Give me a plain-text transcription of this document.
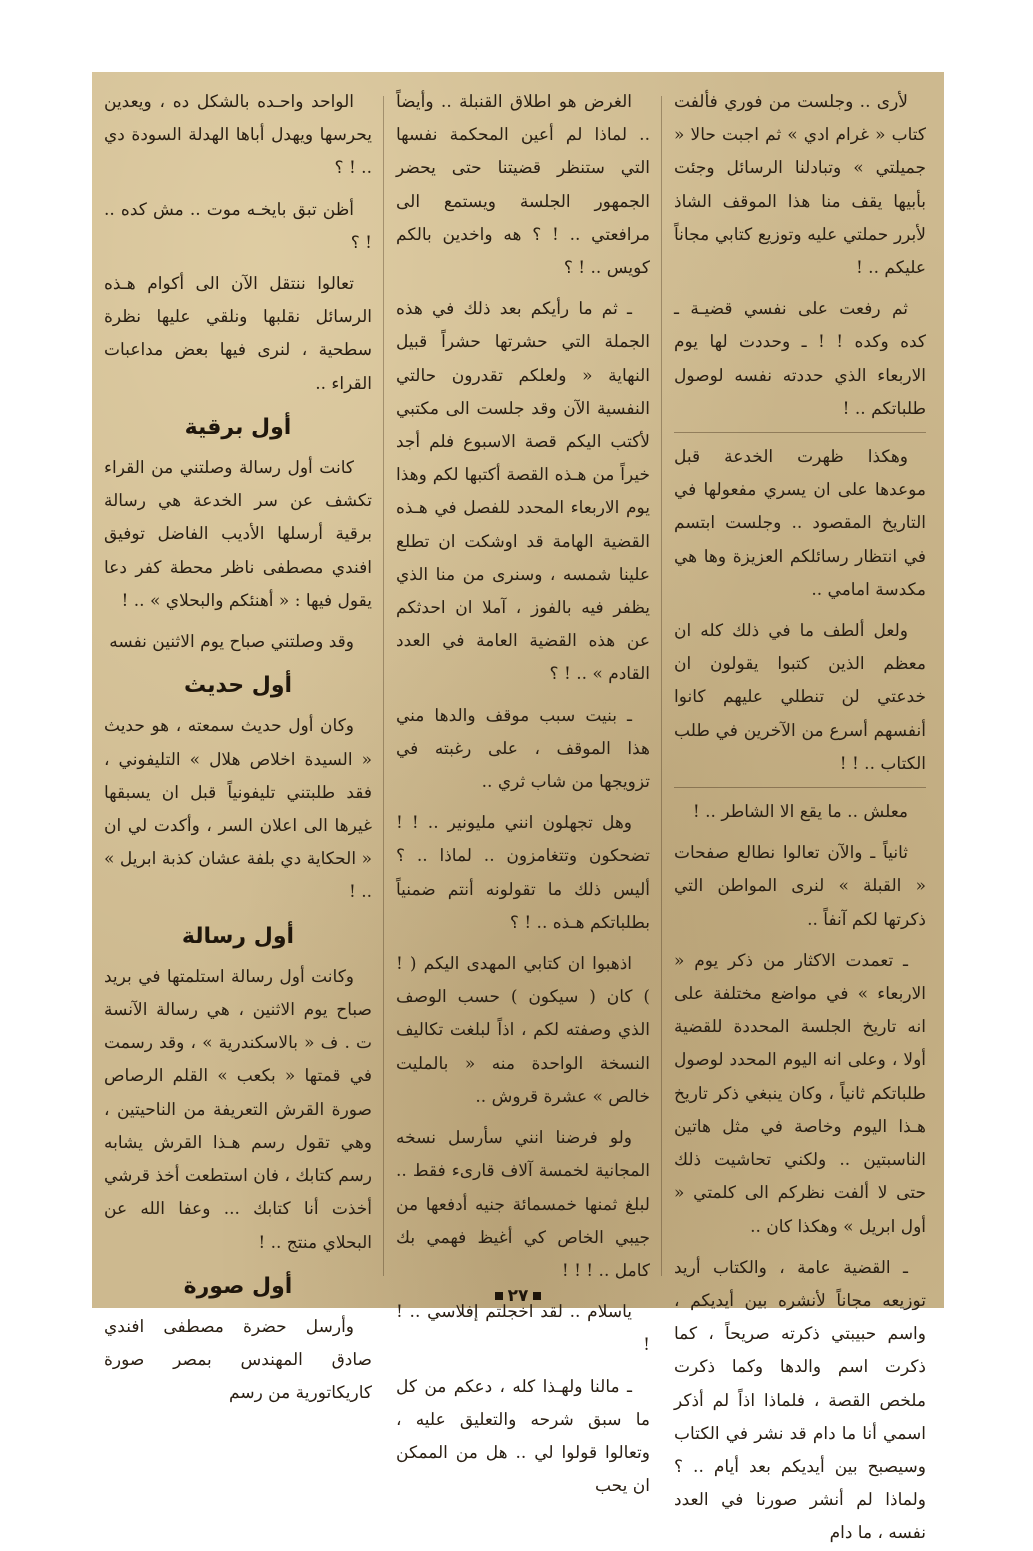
لأرى .. وجلست من فوري فألفت كتاب « غرام ادي » ثم اجبت حالا « جميلتي » وتبادلنا الرسائل وجئت بأبيها يقف منا هذا الموقف الشاذ لأبرر حملتي عليه وتوزيع كتابي مجاناً عليكم .. !

ثم رفعت على نفسي قضيـة ـ كده وكده ! ! ـ وحددت لها يوم الاربعاء الذي حددته نفسه لوصول طلباتكم .. !

وهكذا ظهرت الخدعة قبل موعدها على ان يسري مفعولها في التاريخ المقصود .. وجلست ابتسم في انتظار رسائلكم العزيزة وها هي مكدسة امامي ..

ولعل ألطف ما في ذلك كله ان معظم الذين كتبوا يقولون ان خدعتي لن تنطلي عليهم كانوا أنفسهم أسرع من الآخرين في طلب الكتاب .. ! !

معلش .. ما يقع الا الشاطر .. !

ثانياً ـ والآن تعالوا نطالع صفحات « القبلة » لنرى المواطن التي ذكرتها لكم آنفاً ..

ـ تعمدت الاكثار من ذكر يوم « الاربعاء » في مواضع مختلفة على انه تاريخ الجلسة المحددة للقضية أولا ، وعلى انه اليوم المحدد لوصول طلباتكم ثانياً ، وكان ينبغي ذكر تاريخ هـذا اليوم وخاصة في مثل هاتين الناسبتين .. ولكني تحاشيت ذلك حتى لا ألفت نظركم الى كلمتي « أول ابريل » وهكذا كان ..

ـ القضية عامة ، والكتاب أريد توزيعه مجاناً لأنشره بين أيديكم ، واسم حبيبتي ذكرته صريحاً ، كما ذكرت اسم والدها وكما ذكرت ملخص القصة ، فلماذا اذاً لم أذكر اسمي أنا ما دام قد نشر في الكتاب وسيصبح بين أيديكم بعد أيام .. ؟ ولماذا لم أنشر صورنا في العدد نفسه ، ما دام

الغرض هو اطلاق القنبلة .. وأيضاً .. لماذا لم أعين المحكمة نفسها التي ستنظر قضيتنا حتى يحضر الجمهور الجلسة ويستمع الى مرافعتي .. ! ؟ هه واخدين بالكم كويس .. ! ؟

ـ ثم ما رأيكم بعد ذلك في هذه الجملة التي حشرتها حشراً قبيل النهاية « ولعلكم تقدرون حالتي النفسية الآن وقد جلست الى مكتبي لأكتب اليكم قصة الاسبوع فلم أجد خيراً من هـذه القصة أكتبها لكم وهذا يوم الاربعاء المحدد للفصل في هـذه القضية الهامة قد اوشكت ان تطلع علينا شمسه ، وسنرى من منا الذي يظفر فيه بالفوز ، آملا ان احدثكم عن هذه القضية العامة في العدد القادم » .. ! ؟

ـ بنيت سبب موقف والدها مني هذا الموقف ، على رغبته في تزويجها من شاب ثري ..

وهل تجهلون انني مليونير .. ! ! تضحكون وتتغامزون .. لماذا .. ؟ أليس ذلك ما تقولونه أنتم ضمنياً بطلباتكم هـذه .. ! ؟

اذهبوا ان كتابي المهدى اليكم ( ! ) كان ( سيكون ) حسب الوصف الذي وصفته لكم ، اذاً لبلغت تكاليف النسخة الواحدة منه « بالمليت خالص » عشرة قروش ..

ولو فرضنا انني سأرسل نسخه المجانية لخمسة آلاف قارىء فقط .. لبلغ ثمنها خمسمائة جنيه أدفعها من جيبي الخاص كي أغيظ فهمي بك كامل .. ! ! !

ياسلام .. لقد اخجلتم إفلاسي .. ! !

ـ مالنا ولهـذا كله ، دعكم من كل ما سبق شرحه والتعليق عليه ، وتعالوا قولوا لي .. هل من الممكن ان يحب

الواحد واحـده بالشكل ده ، ويعدين يحرسها ويهدل أباها الهدلة السودة دي .. ! ؟

أظن تبق بايخـه موت .. مش كده .. ! ؟

تعالوا ننتقل الآن الى أكوام هـذه الرسائل نقلبها ونلقي عليها نظرة سطحية ، لنرى فيها بعض مداعبات القراء ..

أول برقية

كانت أول رسالة وصلتني من القراء تكشف عن سر الخدعة هي رسالة برقية أرسلها الأديب الفاضل توفيق افندي مصطفى ناظر محطة كفر دعا يقول فيها : « أهنئكم والبحلاي » .. !

وقد وصلتني صباح يوم الاثنين نفسه

أول حديث

وكان أول حديث سمعته ، هو حديث « السيدة اخلاص هلال » التليفوني ، فقد طلبتني تليفونياً قبل ان يسبقها غيرها الى اعلان السر ، وأكدت لي ان « الحكاية دي بلفة عشان كذبة ابريل » .. !

أول رسالة

وكانت أول رسالة استلمتها في بريد صباح يوم الاثنين ، هي رسالة الآنسة ت . ف « بالاسكندرية » ، وقد رسمت في قمتها « بكعب » القلم الرصاص صورة القرش التعريفة من الناحيتين ، وهي تقول رسم هـذا القرش يشابه رسم كتابك ، فان استطعت أخذ قرشي أخذت أنا كتابك ... وعفا الله عن البحلاي منتج .. !

أول صورة

وأرسل حضرة مصطفى افندي صادق المهندس بمصر صورة كاريكاتورية من رسم

٢٧
